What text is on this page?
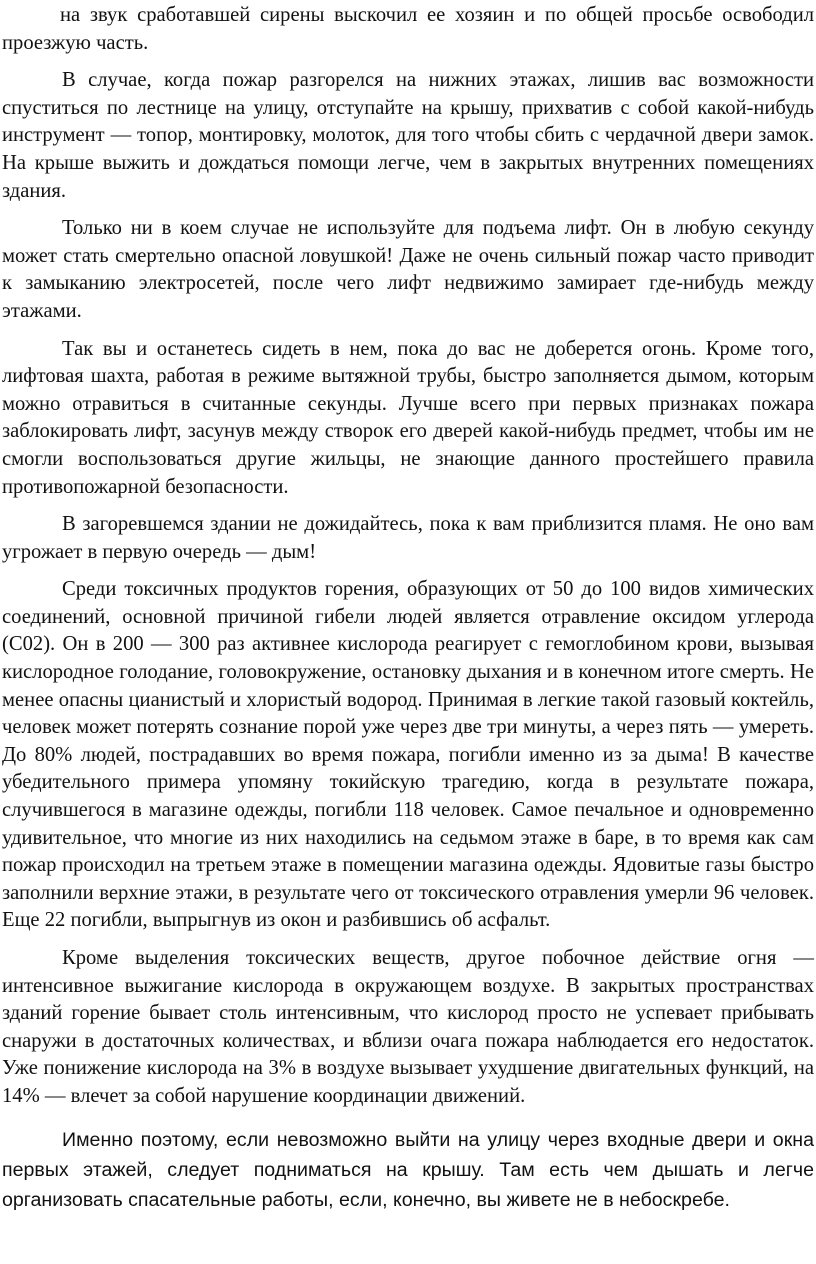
на звук сработавшей сирены выскочил ее хозяин и по общей просьбе освободил проезжую часть.

В случае, когда пожар разгорелся на нижних этажах, лишив вас возможности спуститься по лестнице на улицу, отступайте на крышу, прихватив с собой какой-нибудь инструмент — топор, монтировку, молоток, для того чтобы сбить с чердачной двери замок. На крыше выжить и дождаться помощи легче, чем в закрытых внутренних помещениях здания.

Только ни в коем случае не используйте для подъема лифт. Он в любую секунду может стать смертельно опасной ловушкой! Даже не очень сильный пожар часто приводит к замыканию электросетей, после чего лифт недвижимо замирает где-нибудь между этажами.

Так вы и останетесь сидеть в нем, пока до вас не доберется огонь. Кроме того, лифтовая шахта, работая в режиме вытяжной трубы, быстро заполняется дымом, которым можно отравиться в считанные секунды. Лучше всего при первых признаках пожара заблокировать лифт, засунув между створок его дверей какой-нибудь предмет, чтобы им не смогли воспользоваться другие жильцы, не знающие данного простейшего правила противопожарной безопасности.

В загоревшемся здании не дожидайтесь, пока к вам приблизится пламя. Не оно вам угрожает в первую очередь — дым!

Среди токсичных продуктов горения, образующих от 50 до 100 видов химических соединений, основной причиной гибели людей является отравление оксидом углерода (С02). Он в 200 — 300 раз активнее кислорода реагирует с гемоглобином крови, вызывая кислородное голодание, головокружение, остановку дыхания и в конечном итоге смерть. Не менее опасны цианистый и хлористый водород. Принимая в легкие такой газовый коктейль, человек может потерять сознание порой уже через две три минуты, а через пять — умереть. До 80% людей, пострадавших во время пожара, погибли именно из за дыма! В качестве убедительного примера упомяну токийскую трагедию, когда в результате пожара, случившегося в магазине одежды, погибли 118 человек. Самое печальное и одновременно удивительное, что многие из них находились на седьмом этаже в баре, в то время как сам пожар происходил на третьем этаже в помещении магазина одежды. Ядовитые газы быстро заполнили верхние этажи, в результате чего от токсического отравления умерли 96 человек. Еще 22 погибли, выпрыгнув из окон и разбившись об асфальт.

Кроме выделения токсических веществ, другое побочное действие огня — интенсивное выжигание кислорода в окружающем воздухе. В закрытых пространствах зданий горение бывает столь интенсивным, что кислород просто не успевает прибывать снаружи в достаточных количествах, и вблизи очага пожара наблюдается его недостаток. Уже понижение кислорода на 3% в воздухе вызывает ухудшение двигательных функций, на 14% — влечет за собой нарушение координации движений.

Именно поэтому, если невозможно выйти на улицу через входные двери и окна первых этажей, следует подниматься на крышу. Там есть чем дышать и легче организовать спасательные работы, если, конечно, вы живете не в небоскребе.
